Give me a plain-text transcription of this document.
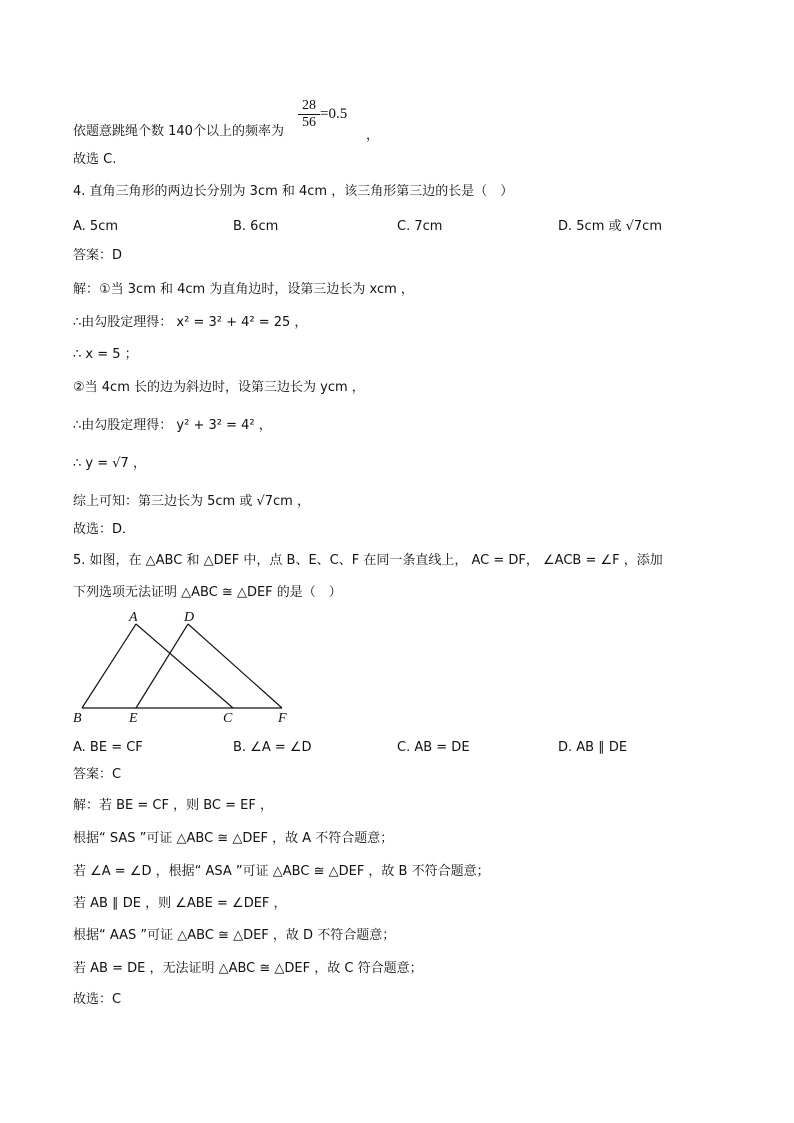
依题意跳绳个数 140个以上的频率为
28
56
=0.5
，
故选 C.
4. 直角三角形的两边长分别为 3cm 和 4cm ，该三角形第三边的长是（　）
A. 5cm	B. 6cm	C. 7cm	D. 5cm 或 √7cm
答案：D
解：①当 3cm 和 4cm 为直角边时，设第三边长为 xcm ，
∴由勾股定理得： x² = 3² + 4² = 25 ，
∴ x = 5 ；
②当 4cm 长的边为斜边时，设第三边长为 ycm ，
∴由勾股定理得： y² + 3² = 4² ，
∴ y = √7 ，
综上可知：第三边长为 5cm 或 √7cm ，
故选：D．
5. 如图，在 △ABC 和 △DEF 中，点 B、E、C、F 在同一条直线上， AC = DF， ∠ACB = ∠F ，添加
下列选项无法证明 △ABC ≅ △DEF 的是（　）
A	D
B	E	C	F
A. BE = CF	B. ∠A = ∠D	C. AB = DE	D. AB ∥ DE
答案：C
解：若 BE = CF ，则 BC = EF ，
根据“ SAS ”可证 △ABC ≅ △DEF ，故 A 不符合题意；
若 ∠A = ∠D ，根据“ ASA ”可证 △ABC ≅ △DEF ，故 B 不符合题意；
若 AB ∥ DE ，则 ∠ABE = ∠DEF ，
根据“ AAS ”可证 △ABC ≅ △DEF ，故 D 不符合题意；
若 AB = DE ，无法证明 △ABC ≅ △DEF ，故 C 符合题意；
故选：C
